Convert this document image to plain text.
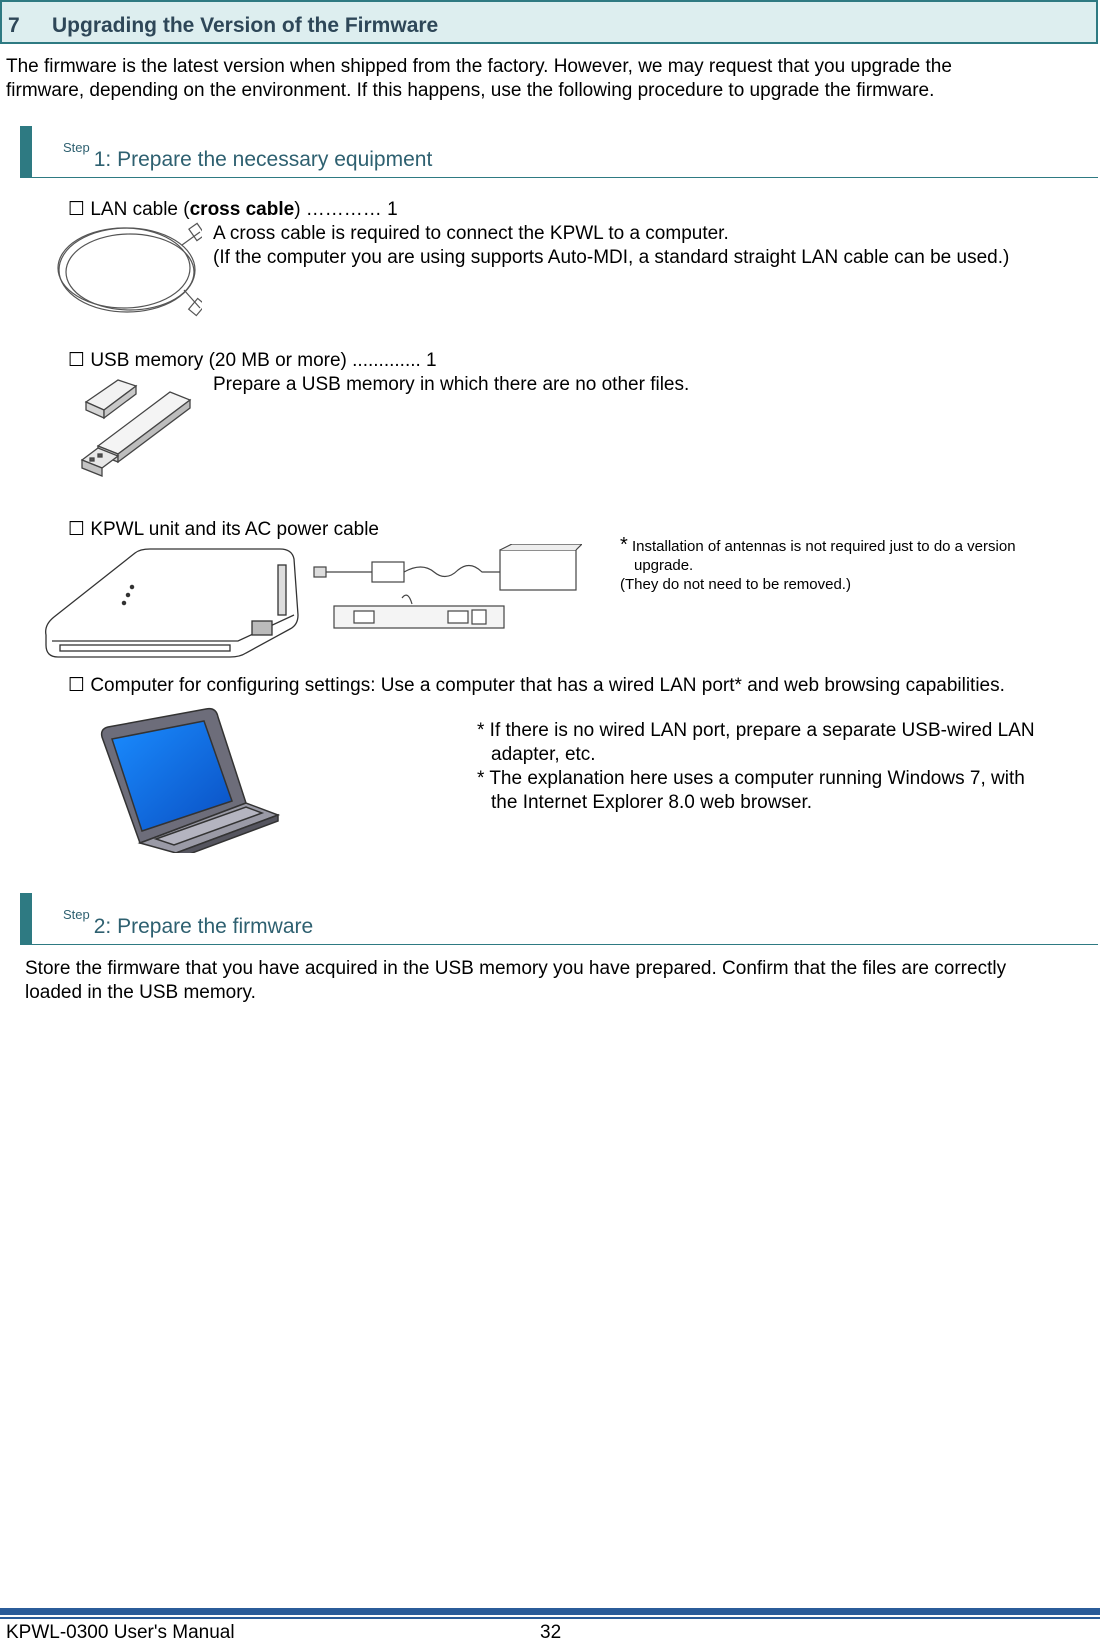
7 Upgrading the Version of the Firmware
The firmware is the latest version when shipped from the factory. However, we may request that you upgrade the
firmware, depending on the environment. If this happens, use the following procedure to upgrade the firmware.
$^{Step}$1: Prepare the necessary equipment
☐ LAN cable (cross cable) ………… 1
A cross cable is required to connect the KPWL to a computer.
(If the computer you are using supports Auto-MDI, a standard straight LAN cable can be used.)
☐ USB memory (20 MB or more) ............. 1
Prepare a USB memory in which there are no other files.
☐ KPWL unit and its AC power cable
* Installation of antennas is not required just to do a version
upgrade.
(They do not need to be removed.)
☐ Computer for configuring settings: Use a computer that has a wired LAN port* and web browsing capabilities.
* If there is no wired LAN port, prepare a separate USB-wired LAN
adapter, etc.
* The explanation here uses a computer running Windows 7, with
the Internet Explorer 8.0 web browser.
$^{Step}$2: Prepare the firmware
Store the firmware that you have acquired in the USB memory you have prepared. Confirm that the files are correctly
loaded in the USB memory.
KPWL-0300 User's Manual	32
